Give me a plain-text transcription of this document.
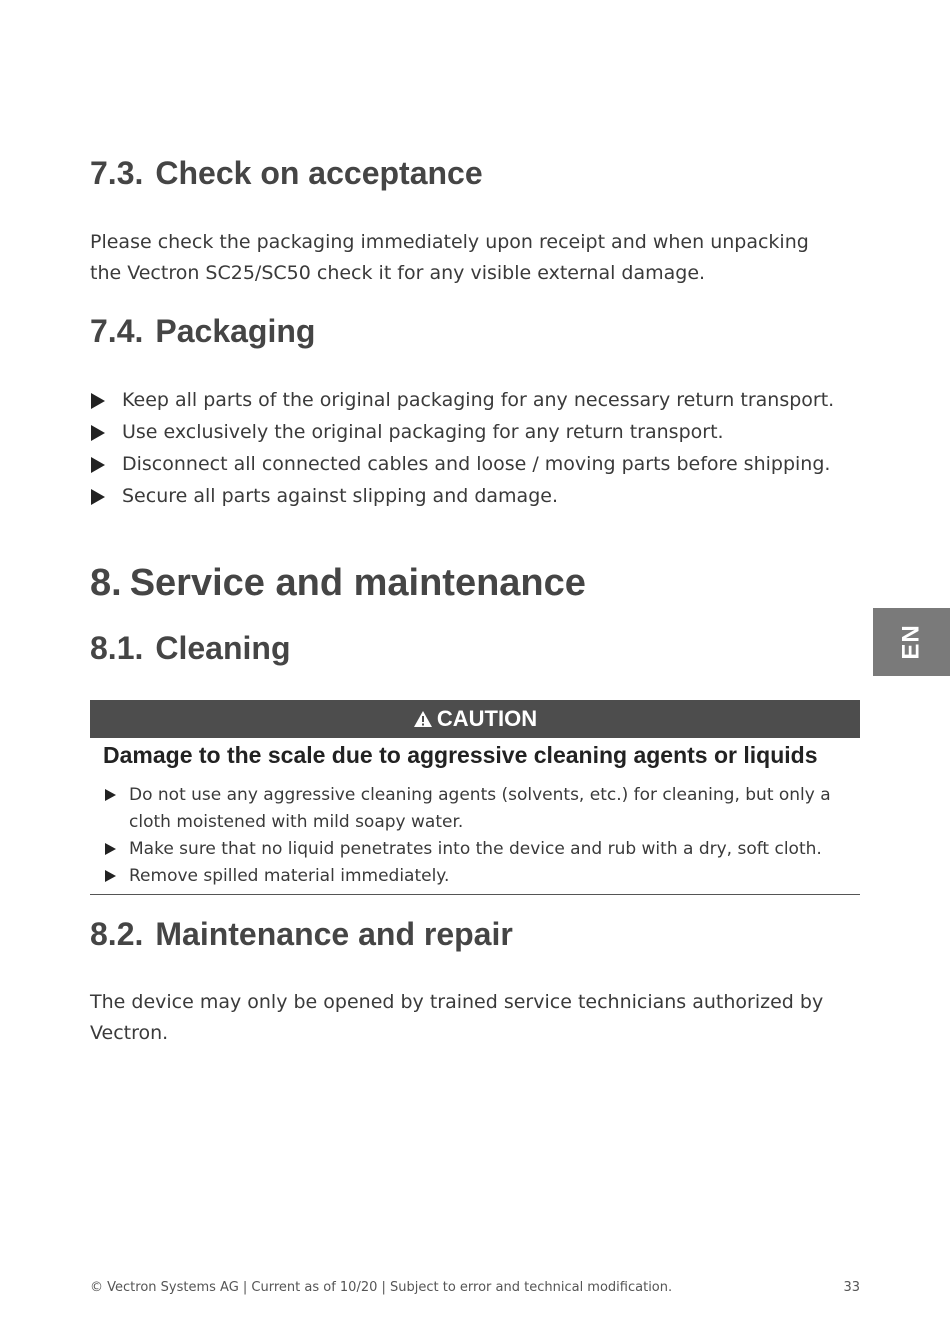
7.3. Check on acceptance

Please check the packaging immediately upon receipt and when unpacking the Vectron SC25/SC50 check it for any visible external damage.

7.4. Packaging
Keep all parts of the original packaging for any necessary return transport.
Use exclusively the original packaging for any return transport.
Disconnect all connected cables and loose / moving parts before shipping.
Secure all parts against slipping and damage.
8. Service and maintenance
8.1. Cleaning	EN
CAUTION

Damage to the scale due to aggressive cleaning agents or liquids

Do not use any aggressive cleaning agents (solvents, etc.) for cleaning, but only a cloth moistened with mild soapy water.
Make sure that no liquid penetrates into the device and rub with a dry, soft cloth.
Remove spilled material immediately.
8.2. Maintenance and repair

The device may only be opened by trained service technicians authorized by Vectron.

© Vectron Systems AG | Current as of 10/20 | Subject to error and technical modification.	33
